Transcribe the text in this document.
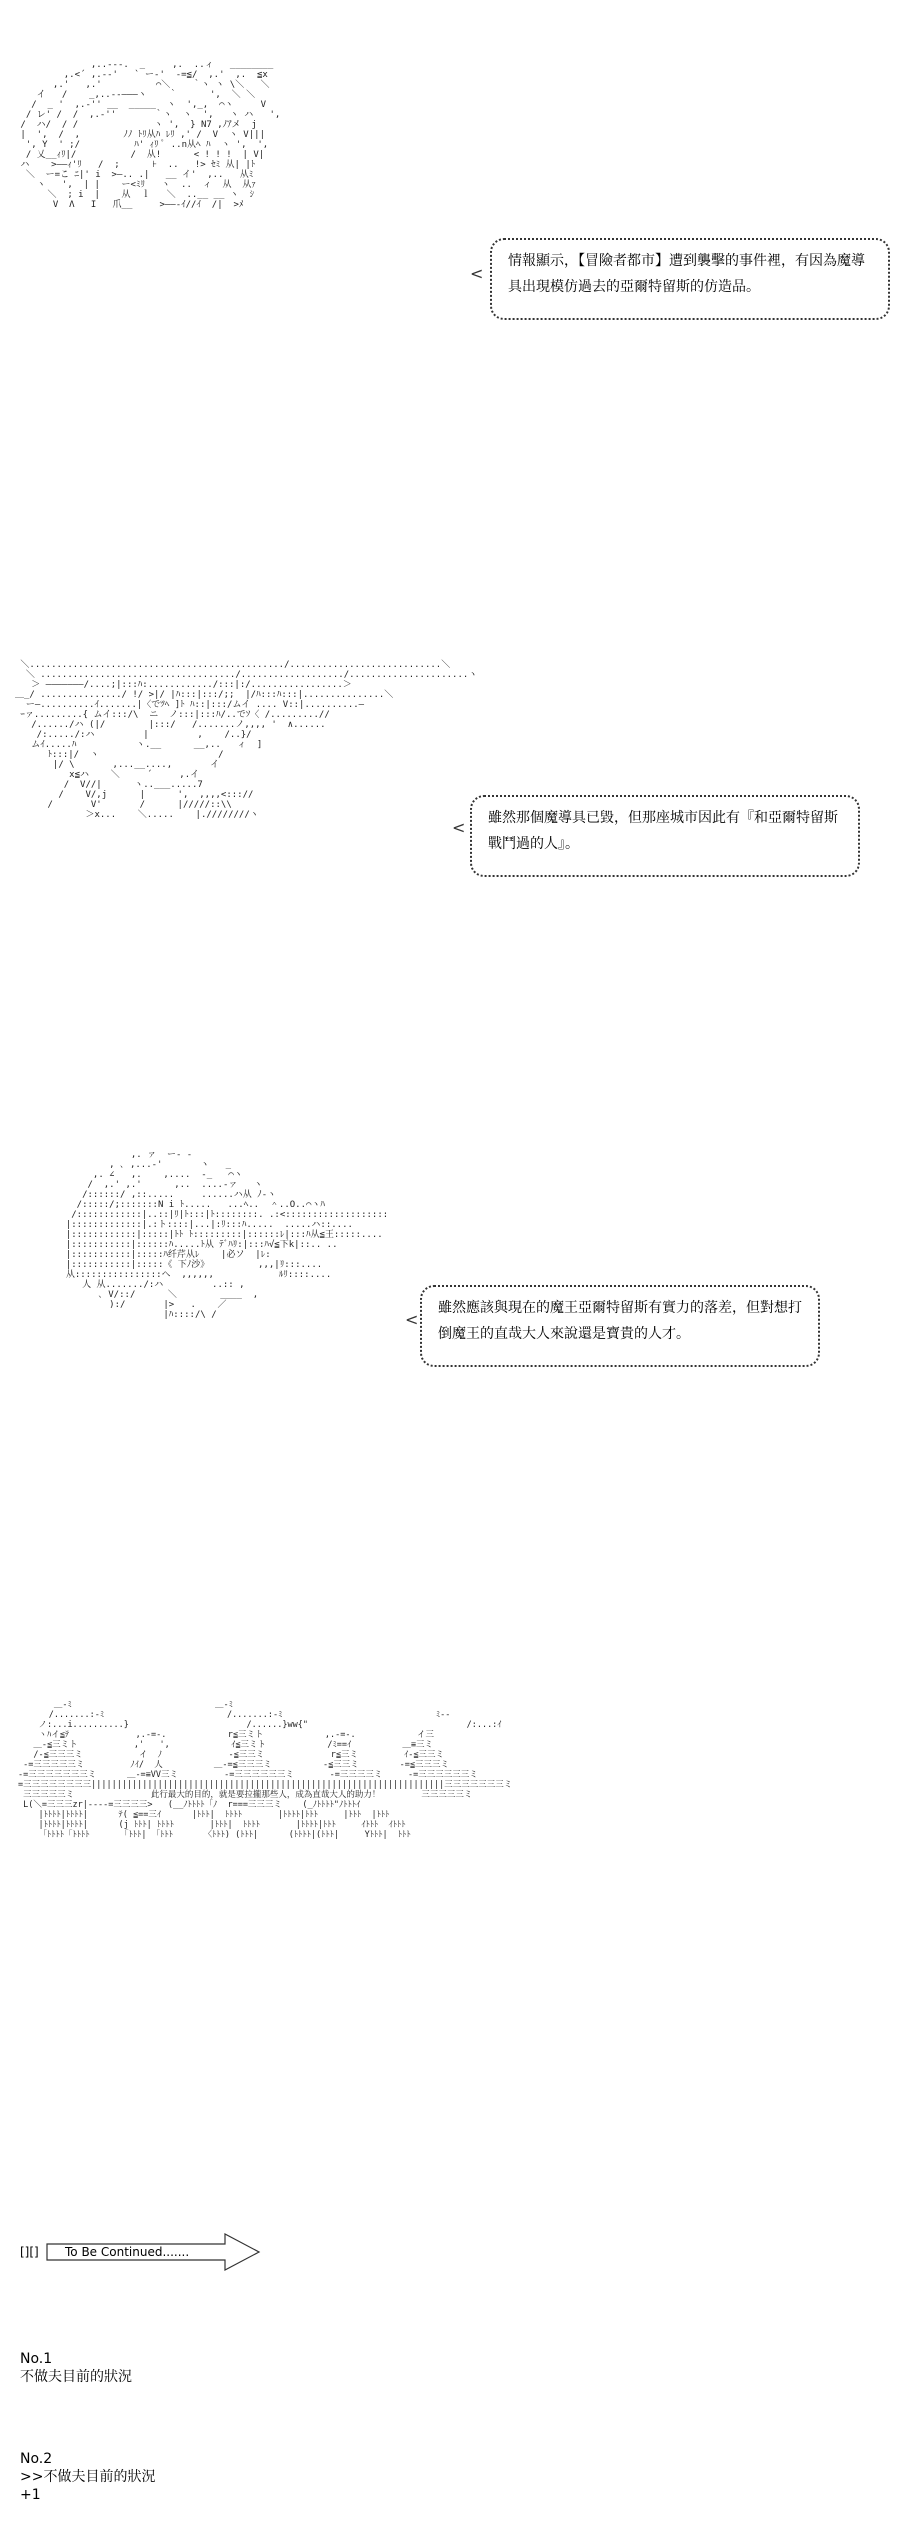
,..-‐‐.  _     ,.  ..ィ   ________
,.<´ ,.‐‐'   ` ー-'  ‐=≦/  ,.'  ,.  ≦x
,.'   ,.'          ⌒＼    ｀ヽ ヽ \＼   ＼
イ   /    _,..-‐―――ヽ    ｀      ',  ＼ ＼
/  _ '  ,.-'' __  _____  ヽ  ',_,  ⌒ヽ     V
/ レ' /  /  ,.-''       ｀ヽ  ヽ  ',   ヽ ハ   ',
/  ハ/  / /              ヽ ',  } N7 ,ﾉｱメ  j
|  ',  /  ,        ﾉﾉ ﾄﾘ从ﾊ ﾚﾘ ,' /  V  ヽ V|||
', Y  ' ;/          ﾊ' ｨﾘ ﾟ ..n从ﾍ ﾊ  ヽ ',  ',
/ 乂__ｨﾘ|/          /  从!      < ! ! !  | V|
ハ    >――ｨ'ﾘ   /  ;      ⊦  ..   !> ｾﾐ 从| |ﾄ
＼  ー=こ ﾆ|' i  >―.. .|   __ イ'  ,..   从ﾐ
ヽ   ',  | |    ー<ﾐﾘ   ヽ  ..  ィ  从  从ｧ
＼  ; i  |    从  ｌ   ＼  ..__ __ ヽ  ｼ
V  Λ   I   爪__     >――‐ｲ//ｲ  /|  >ﾒ
<
情報顯示，【冒險者都市】遭到襲擊的事件裡，有因為魔導具出現模仿過去的亞爾特留斯的仿造品。
＼.............................................../............................＼
＼ ..................................../.................../......................ヽ
＞ ―――――――/....;|:::ﾊ:............/:::|:/.................＞
＿_/ .............../ !/ >|/ |ﾊ:::|:::/;;  |/ﾊ:::ﾊ:::|...............＼
ー―..........ｲ.......|〈でﾂﾍ ]ﾄ ﾊ::|:::/ムイ .... V::|..........―
ｰァ.........{ ムイ:::/\  ニ  ノ:::|:::ﾊ/..でｿ〈 /.........//
/....../ハ (|/        |:::/   /.......ノ,,,, '  ∧......
/:...../:ハ         |         ,    /..}/
ムｲ.....ﾊ           ヽ.__      __,..   ィ  ]
ﾄ:::|/  ヽ                      /
|/ \       ,...__....,       イ
x≦ハ    ＼     ´     ,.イ
/  V//|      ヽ..___.....7
/    V/,j      |      ',  ,,,,<::://
/       V'       /      |/////::\\
＞x...    ＼.....    |.////////ヽ
<	雖然那個魔導具已毀，但那座城市因此有『和亞爾特留斯戰鬥過的人』。
,. ァ  ー‐ -
, ､ ,...-'       ヽ   _
,. ∠   ,.    ,....  -_   ⌒ヽ
/  ,.' ,.'      ,..  ....-ァ   ヽ
/::::::/ ,::.....     ......ハ从 ﾉ-ヽ
/:::::/;:::::::N i ﾄ.....   ...ﾍ..  ＾..O..⌒ヽﾊ
/::::::::::::|..::|ﾘ|ﾄ:::|ﾄ::::::::. .:<:::::::::::::::::::
|:::::::::::::|.:ト::::|...|:ﾘ:::ﾊ.....  .....ハ::....
|::::::::::::|:::::|ﾄﾄ ﾄ:::::::::|::::::ﾚ|:::ﾊ从≦王:::::....
|:::::::::::|::::::ﾊ.....ﾄ从 ﾃﾞﾊﾘ:|:::ﾊ√≦下k|::.. ..
|:::::::::::|:::::ﾊ纤芹从ﾚ    |必ソ  |ﾚ:
|:::::::::::|:::::《 下ﾉ沙》         ,,,|ﾘ:::....
从::::::::::::::::ヘ  ,,,,,,            ﾙﾘ::::....
人 从......./:ハ         ..:: ,
､ V/::/      ＼        ____  ,
):/       |>   .    ／
|ﾊ::::/\ /	<
雖然應該與現在的魔王亞爾特留斯有實力的落差，但對想打倒魔王的直哉大人來說還是寶貴的人才。
＿-ﾐ                            ＿-ﾐ
/.......:-ﾐ                        /.......:-ﾐ                              ﾐ‐-
ノ:...i..........}                       /......}ww{"                               /:...:ｲ
ヽﾊイ≦ﾃ             ,.-=-.            r≦三ミト            ,.-=-.            イ三
＿-≦三ミト           ,'   ',            ｲ≦三ミト            /ﾐ==ｲ          ＿≡三ミ
/-≦三三三ミ           イ  ﾉ             -≦三三ミ             r≦三ミ         ｲ-≦三三ミ
-=三三三三三ミ         ﾉｲ/  人          ＿-=≦三三三ミ          -≦三三ミ        -=≦三三三ミ
-=三三三三三三三ミ      ＿-=≡VV三ミ         -=三三三三三三ミ       -=三三三三ミ     -=三三三三三三ミ
=三三三三三三三三|||||||||||||||||||||||||||||||||||||||||||||||||||||||||||||||||||||三三三三三三三ミ
三三三三三ミ               此行最大的目的，就是要拉攏那些人，成為直哉大人的助力！        三三三三三ミ
L(＼=三三三zr|‐‐‐‐=三三三三>   (__ﾉﾄﾄﾄﾄ「ﾉ  r===三三三ミ    (_ﾉﾄﾄﾄﾄ"ﾉﾄﾄﾄｲ
|ﾄﾄﾄﾄ|ﾄﾄﾄﾄ|      ﾃ( ≦==三ｲ      |ﾄﾄﾄ|  ﾄﾄﾄﾄ       |ﾄﾄﾄﾄ|ﾄﾄﾄ     |ﾄﾄﾄ  |ﾄﾄﾄ
|ﾄﾄﾄﾄ|ﾄﾄﾄﾄ|      (j ﾄﾄﾄ| ﾄﾄﾄﾄ       |ﾄﾄﾄ|  ﾄﾄﾄﾄ       |ﾄﾄﾄﾄ|ﾄﾄﾄ     ｲﾄﾄﾄ  ｲﾄﾄﾄ
「ﾄﾄﾄﾄ「ﾄﾄﾄﾄ      「ﾄﾄﾄ| 「ﾄﾄﾄ      〈ﾄﾄﾄ) (ﾄﾄﾄ|      (ﾄﾄﾄﾄ|(ﾄﾄﾄ|     Yﾄﾄﾄ|  ﾄﾄﾄ
[][] To Be Continued.......
No.1
不做夫目前的狀況
No.2
>>不做夫目前的狀況
+1
